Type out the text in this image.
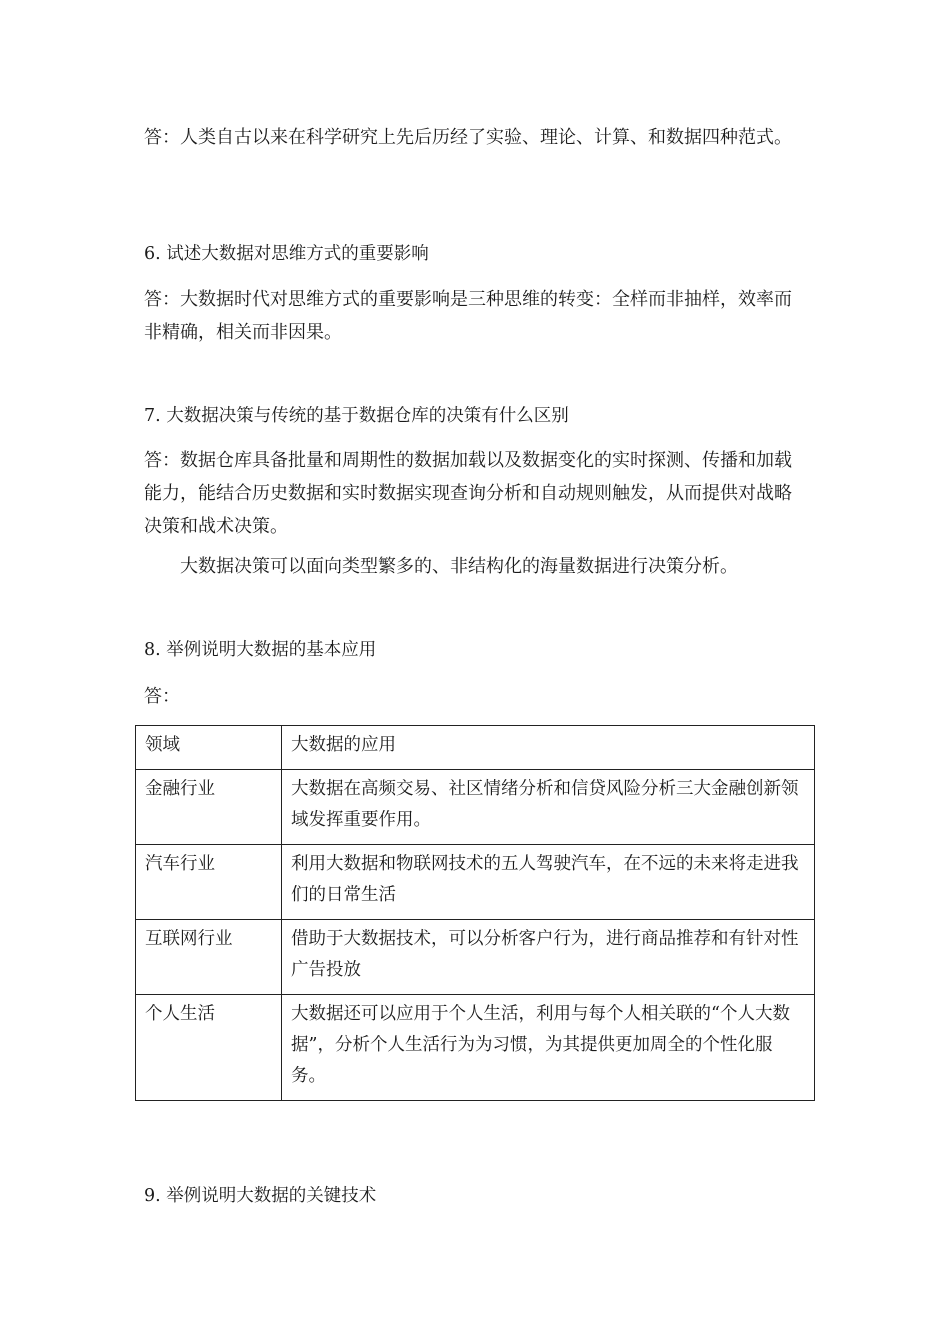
答：人类自古以来在科学研究上先后历经了实验、理论、计算、和数据四种范式。

6. 试述大数据对思维方式的重要影响

答：大数据时代对思维方式的重要影响是三种思维的转变：全样而非抽样，效率而非精确，相关而非因果。

7. 大数据决策与传统的基于数据仓库的决策有什么区别

答：数据仓库具备批量和周期性的数据加载以及数据变化的实时探测、传播和加载能力，能结合历史数据和实时数据实现查询分析和自动规则触发，从而提供对战略决策和战术决策。

大数据决策可以面向类型繁多的、非结构化的海量数据进行决策分析。

8. 举例说明大数据的基本应用

答：

领域	大数据的应用
金融行业	大数据在高频交易、社区情绪分析和信贷风险分析三大金融创新领域发挥重要作用。
汽车行业	利用大数据和物联网技术的五人驾驶汽车，在不远的未来将走进我们的日常生活
互联网行业	借助于大数据技术，可以分析客户行为，进行商品推荐和有针对性广告投放
个人生活	大数据还可以应用于个人生活，利用与每个人相关联的“个人大数据”，分析个人生活行为为习惯，为其提供更加周全的个性化服务。

9. 举例说明大数据的关键技术
